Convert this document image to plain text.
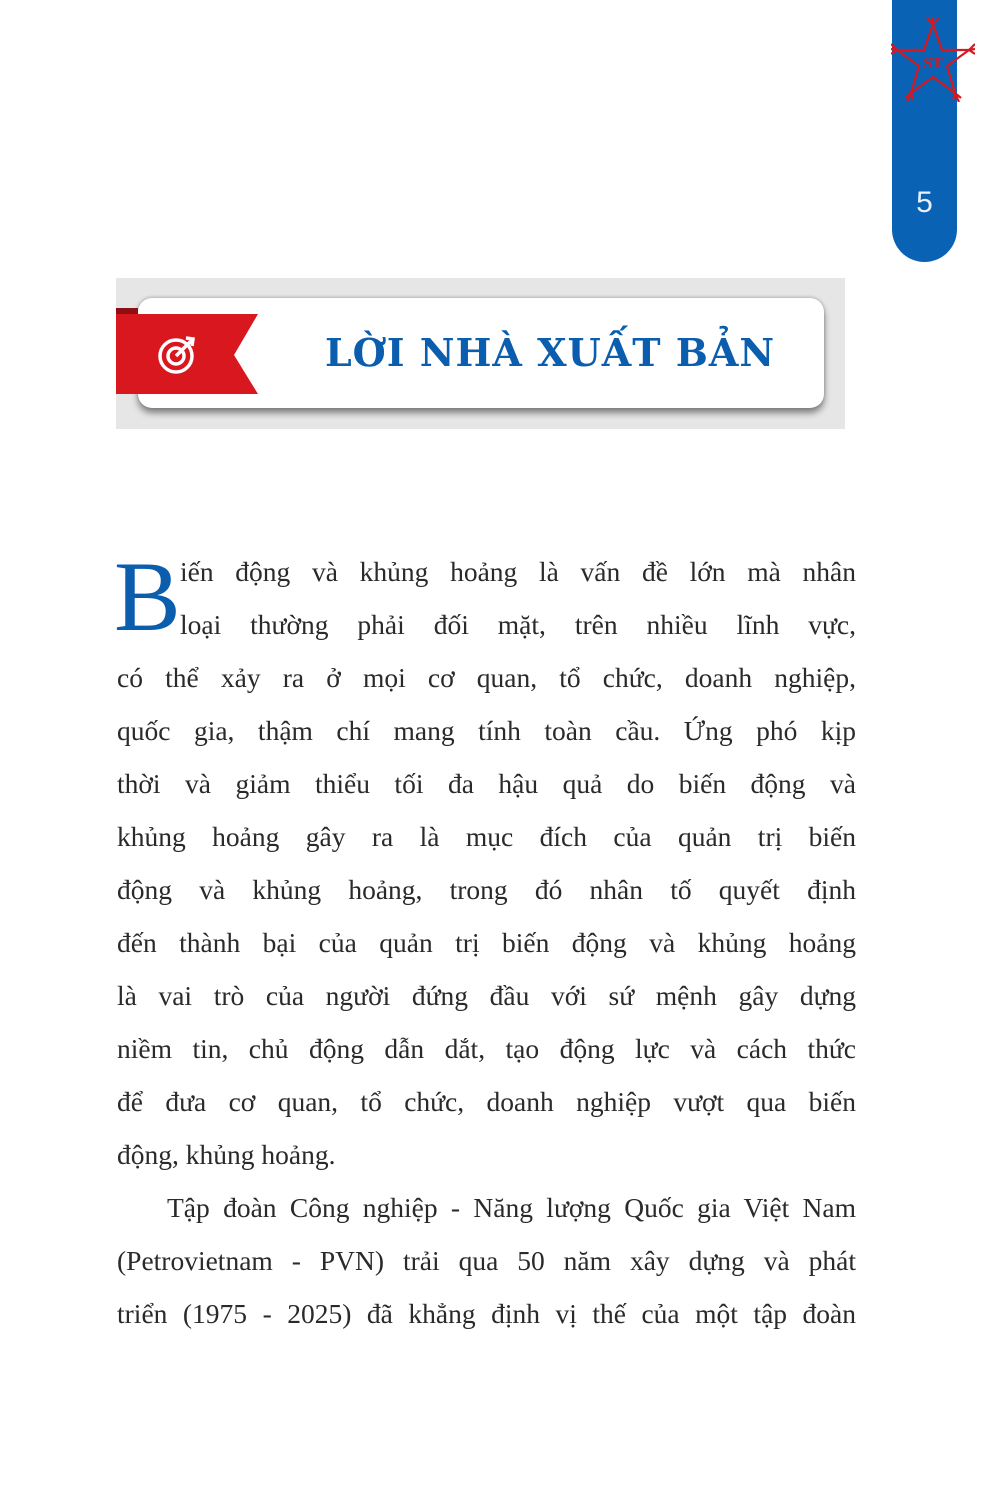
ST
5
LỜI NHÀ XUẤT BẢN
B iến động và khủng hoảng là vấn đề lớn mà nhân
loại thường phải đối mặt, trên nhiều lĩnh vực,
có thể xảy ra ở mọi cơ quan, tổ chức, doanh nghiệp,
quốc gia, thậm chí mang tính toàn cầu. Ứng phó kịp
thời và giảm thiểu tối đa hậu quả do biến động và
khủng hoảng gây ra là mục đích của quản trị biến
động và khủng hoảng, trong đó nhân tố quyết định
đến thành bại của quản trị biến động và khủng hoảng
là vai trò của người đứng đầu với sứ mệnh gây dựng
niềm tin, chủ động dẫn dắt, tạo động lực và cách thức
để đưa cơ quan, tổ chức, doanh nghiệp vượt qua biến
động, khủng hoảng.
Tập đoàn Công nghiệp - Năng lượng Quốc gia Việt Nam
(Petrovietnam - PVN) trải qua 50 năm xây dựng và phát
triển (1975 - 2025) đã khẳng định vị thế của một tập đoàn
